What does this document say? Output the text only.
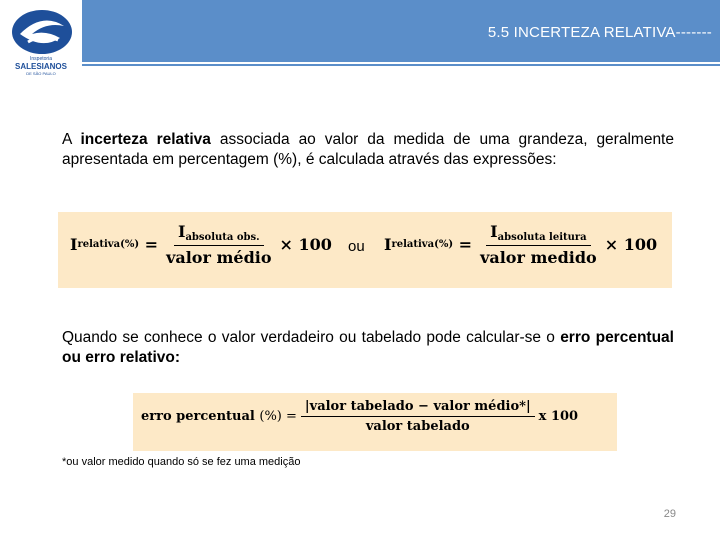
5.5 INCERTEZA RELATIVA-------
Inspetoria
SALESIANOS
DE SÃO PAULO
A incerteza relativa associada ao valor da medida de uma grandeza, geralmente apresentada em percentagem (%), é calculada através das expressões:
I relativa(%)
= $\frac{I_{absoluta obs.}}{\text{valor médio}} \times 100$ ou I relativa(%)
= $\frac{I_{absoluta leitura}}{\text{valor medido}} \times 100$
Quando se conhece o valor verdadeiro ou tabelado pode calcular-se o erro percentual ou erro relativo:
erro percentual
(%) = $\frac{\text{|valor tabelado − valor médio*|}}{\text{valor tabelado}}$ x 100
*ou valor medido quando só se fez uma medição
29
